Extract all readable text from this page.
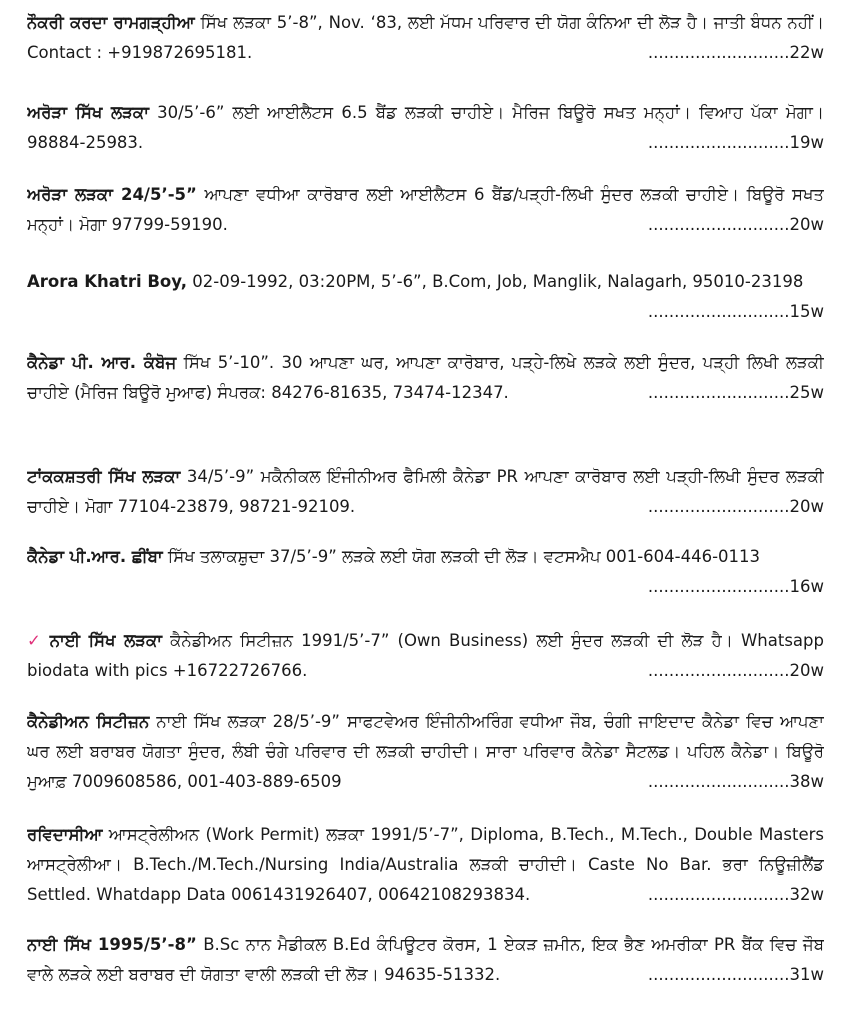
ਨੌਕਰੀ ਕਰਦਾ ਰਾਮਗੜ੍ਹੀਆ ਸਿੱਖ ਲੜਕਾ 5’-8”, Nov. ‘83, ਲਈ ਮੱਧਮ ਪਰਿਵਾਰ ਦੀ ਯੋਗ ਕੰਨਿਆ ਦੀ ਲੋੜ ਹੈ। ਜਾਤੀ ਬੰਧਨ ਨਹੀਂ। Contact : +919872695181.	...........................22w
ਅਰੋੜਾ ਸਿੱਖ ਲੜਕਾ 30/5’-6” ਲਈ ਆਈਲੈਟਸ 6.5 ਬੈਂਡ ਲੜਕੀ ਚਾਹੀਏ। ਮੈਰਿਜ ਬਿਊਰੋ ਸਖਤ ਮਨ੍ਹਾਂ। ਵਿਆਹ ਪੱਕਾ ਮੋਗਾ। 98884-25983.	...........................19w
ਅਰੋੜਾ ਲੜਕਾ 24/5’-5” ਆਪਣਾ ਵਧੀਆ ਕਾਰੋਬਾਰ ਲਈ ਆਈਲੈਟਸ 6 ਬੈਂਡ/ਪੜ੍ਹੀ-ਲਿਖੀ ਸੁੰਦਰ ਲੜਕੀ ਚਾਹੀਏ। ਬਿਊਰੋ ਸਖਤ ਮਨ੍ਹਾਂ। ਮੋਗਾ 97799-59190.	...........................20w
Arora Khatri Boy, 02-09-1992, 03:20PM, 5’-6”, B.Com, Job, Manglik, Nalagarh, 95010-23198
...........................15w
ਕੈਨੇਡਾ ਪੀ. ਆਰ. ਕੰਬੋਜ ਸਿੱਖ 5’-10”. 30 ਆਪਣਾ ਘਰ, ਆਪਣਾ ਕਾਰੋਬਾਰ, ਪੜ੍ਹੇ-ਲਿਖੇ ਲੜਕੇ ਲਈ ਸੁੰਦਰ, ਪੜ੍ਹੀ ਲਿਖੀ ਲੜਕੀ ਚਾਹੀਏ (ਮੈਰਿਜ ਬਿਊਰੋ ਮੁਆਫ) ਸੰਪਰਕ: 84276-81635, 73474-12347.	...........................25w
ਟਾਂਕਕਸ਼ਤਰੀ ਸਿੱਖ ਲੜਕਾ 34/5’-9” ਮਕੈਨੀਕਲ ਇੰਜੀਨੀਅਰ ਫੈਮਿਲੀ ਕੈਨੇਡਾ PR ਆਪਣਾ ਕਾਰੋਬਾਰ ਲਈ ਪੜ੍ਹੀ-ਲਿਖੀ ਸੁੰਦਰ ਲੜਕੀ ਚਾਹੀਏ। ਮੋਗਾ 77104-23879, 98721-92109.	...........................20w
ਕੈਨੇਡਾ ਪੀ.ਆਰ. ਛੀਂਬਾ ਸਿੱਖ ਤਲਾਕਸ਼ੁਦਾ 37/5’-9” ਲੜਕੇ ਲਈ ਯੋਗ ਲੜਕੀ ਦੀ ਲੋੜ। ਵਟਸਐਪ 001-604-446-0113
...........................16w
✓ ਨਾਈ ਸਿੱਖ ਲੜਕਾ ਕੈਨੇਡੀਅਨ ਸਿਟੀਜ਼ਨ 1991/5’-7” (Own Business) ਲਈ ਸੁੰਦਰ ਲੜਕੀ ਦੀ ਲੋੜ ਹੈ। Whatsapp biodata with pics +16722726766.	...........................20w
ਕੈਨੇਡੀਅਨ ਸਿਟੀਜ਼ਨ ਨਾਈ ਸਿੱਖ ਲੜਕਾ 28/5’-9” ਸਾਫਟਵੇਅਰ ਇੰਜੀਨੀਅਰਿੰਗ ਵਧੀਆ ਜੌਬ, ਚੰਗੀ ਜਾਇਦਾਦ ਕੈਨੇਡਾ ਵਿਚ ਆਪਣਾ ਘਰ ਲਈ ਬਰਾਬਰ ਯੋਗਤਾ ਸੁੰਦਰ, ਲੰਬੀ ਚੰਗੇ ਪਰਿਵਾਰ ਦੀ ਲੜਕੀ ਚਾਹੀਦੀ। ਸਾਰਾ ਪਰਿਵਾਰ ਕੈਨੇਡਾ ਸੈਟਲਡ। ਪਹਿਲ ਕੈਨੇਡਾ। ਬਿਊਰੋ ਮੁਆਫ਼ 7009608586, 001-403-889-6509	...........................38w
ਰਵਿਦਾਸੀਆ ਆਸਟ੍ਰੇਲੀਅਨ (Work Permit) ਲੜਕਾ 1991/5’-7”, Diploma, B.Tech., M.Tech., Double Masters ਆਸਟ੍ਰੇਲੀਆ। B.Tech./M.Tech./Nursing India/Australia ਲੜਕੀ ਚਾਹੀਦੀ। Caste No Bar. ਭਰਾ ਨਿਊਜ਼ੀਲੈਂਡ Settled. Whatdapp Data 0061431926407, 00642108293834.	...........................32w
ਨਾਈ ਸਿੱਖ 1995/5’-8” B.Sc ਨਾਨ ਮੈਡੀਕਲ B.Ed ਕੰਪਿਊਟਰ ਕੋਰਸ, 1 ਏਕੜ ਜ਼ਮੀਨ, ਇਕ ਭੈਣ ਅਮਰੀਕਾ PR ਬੈਂਕ ਵਿਚ ਜੌਬ ਵਾਲੇ ਲੜਕੇ ਲਈ ਬਰਾਬਰ ਦੀ ਯੋਗਤਾ ਵਾਲੀ ਲੜਕੀ ਦੀ ਲੋੜ। 94635-51332.	...........................31w
